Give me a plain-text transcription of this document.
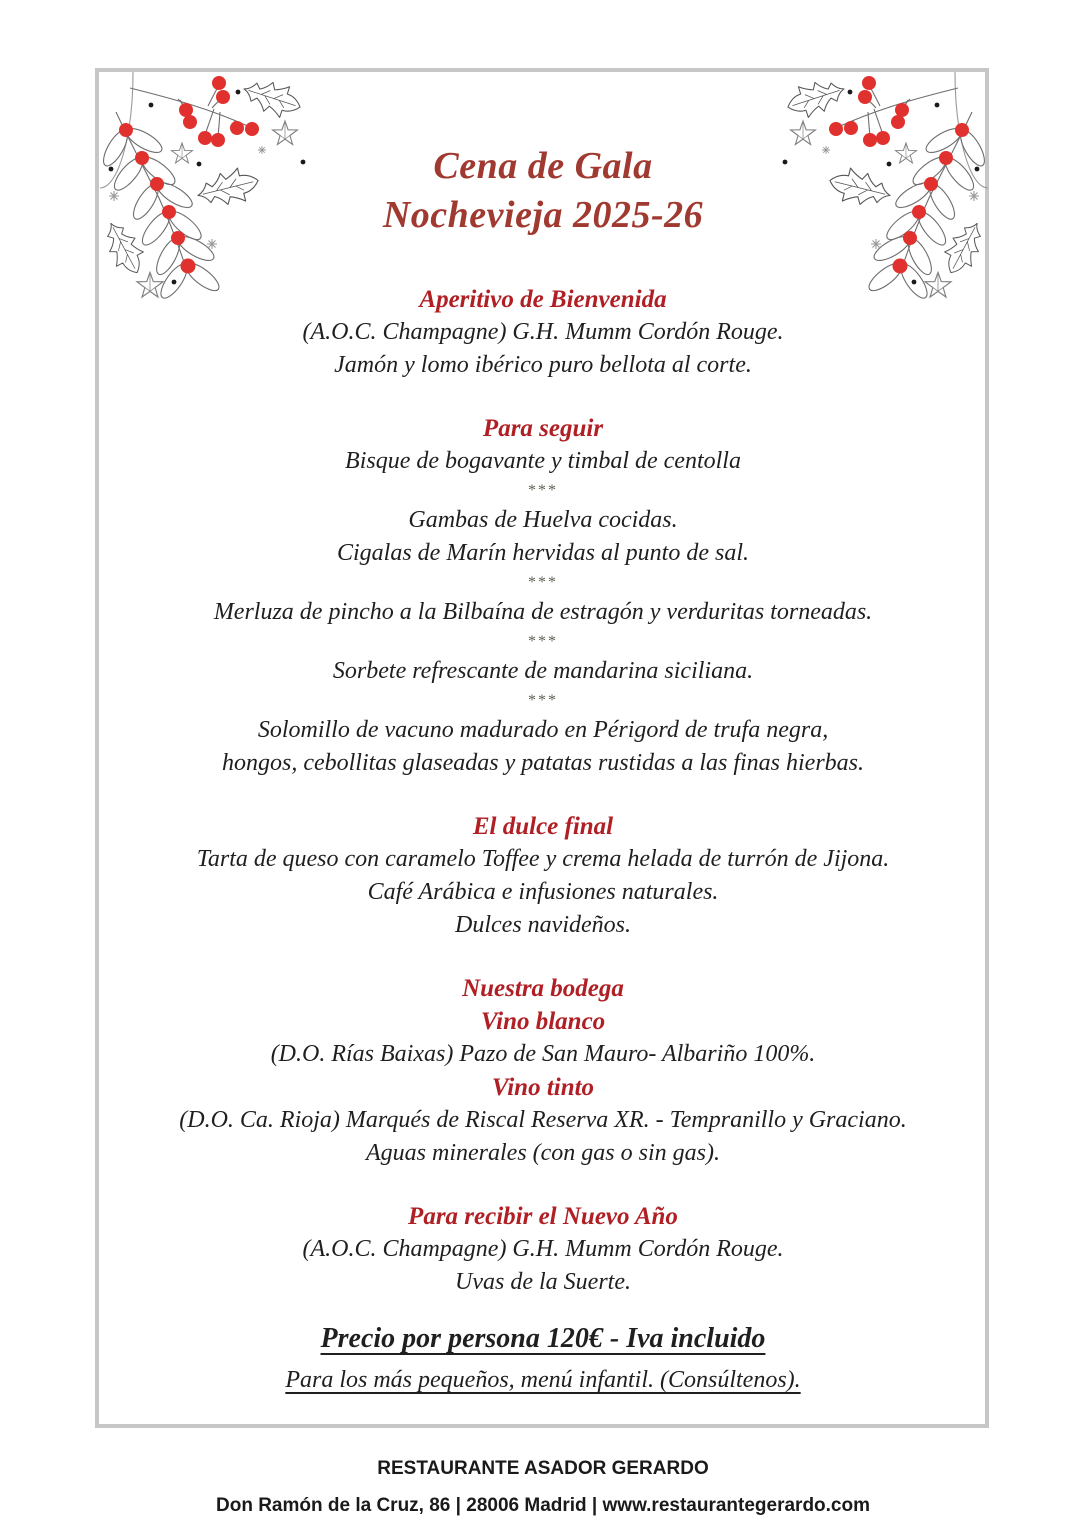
Cena de Gala
Nochevieja 2025-26
Aperitivo de Bienvenida
(A.O.C. Champagne) G.H. Mumm Cordón Rouge.
Jamón y lomo ibérico puro bellota al corte.
Para seguir
Bisque de bogavante y timbal de centolla
***
Gambas de Huelva cocidas.
Cigalas de Marín hervidas al punto de sal.
***
Merluza de pincho a la Bilbaína de estragón y verduritas torneadas.
***
Sorbete refrescante de mandarina siciliana.
***
Solomillo de vacuno madurado en Périgord de trufa negra,
hongos, cebollitas glaseadas y patatas rustidas a las finas hierbas.
El dulce final
Tarta de queso con caramelo Toffee y crema helada de turrón de Jijona.
Café Arábica e infusiones naturales.
Dulces navideños.
Nuestra bodega
Vino blanco
(D.O. Rías Baixas) Pazo de San Mauro- Albariño 100%.
Vino tinto
(D.O. Ca. Rioja) Marqués de Riscal Reserva XR. - Tempranillo y Graciano.
Aguas minerales (con gas o sin gas).
Para recibir el Nuevo Año
(A.O.C. Champagne) G.H. Mumm Cordón Rouge.
Uvas de la Suerte.
Precio por persona 120€ - Iva incluido
Para los más pequeños, menú infantil. (Consúltenos).
RESTAURANTE ASADOR GERARDO
Don Ramón de la Cruz, 86 | 28006 Madrid | www.restaurantegerardo.com
